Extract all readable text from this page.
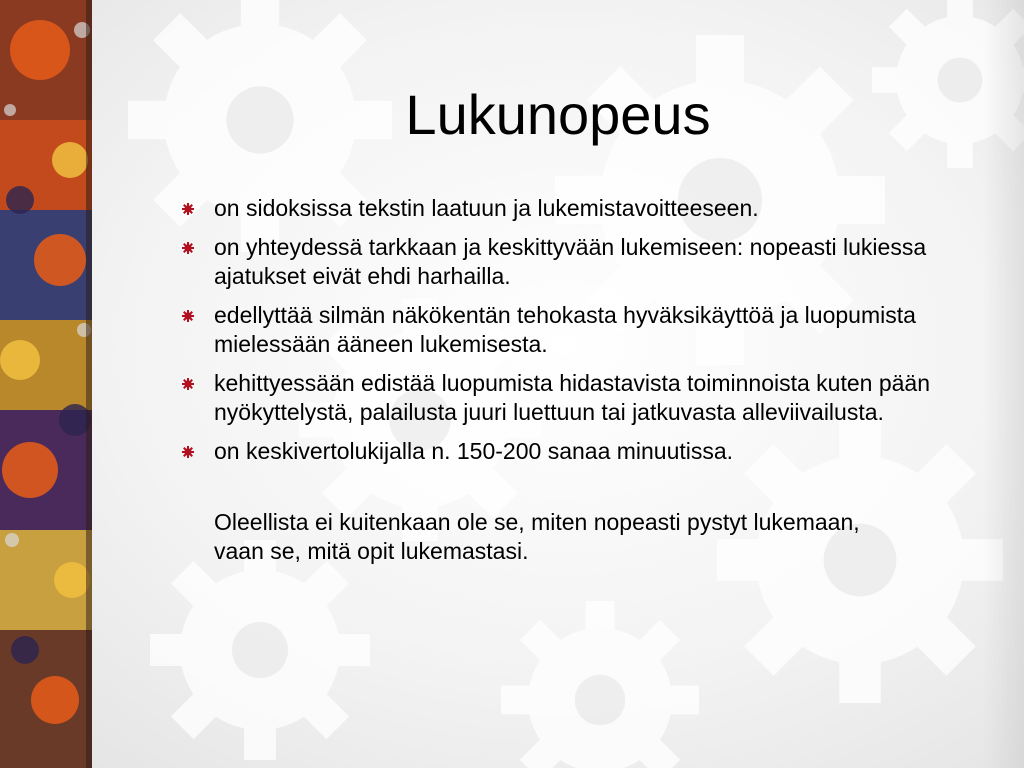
Lukunopeus
on sidoksissa tekstin laatuun ja lukemistavoitteeseen.
on yhteydessä tarkkaan ja keskittyvään lukemiseen: nopeasti lukiessa ajatukset eivät ehdi harhailla.
edellyttää silmän näkökentän tehokasta hyväksikäyttöä ja luopumista mielessään ääneen lukemisesta.
kehittyessään edistää luopumista hidastavista toiminnoista kuten pään nyökyttelystä, palailusta juuri luettuun tai jatkuvasta alleviivailusta.
on keskivertolukijalla n. 150-200 sanaa minuutissa.
Oleellista ei kuitenkaan ole se, miten nopeasti pystyt lukemaan, vaan se, mitä opit lukemastasi.
